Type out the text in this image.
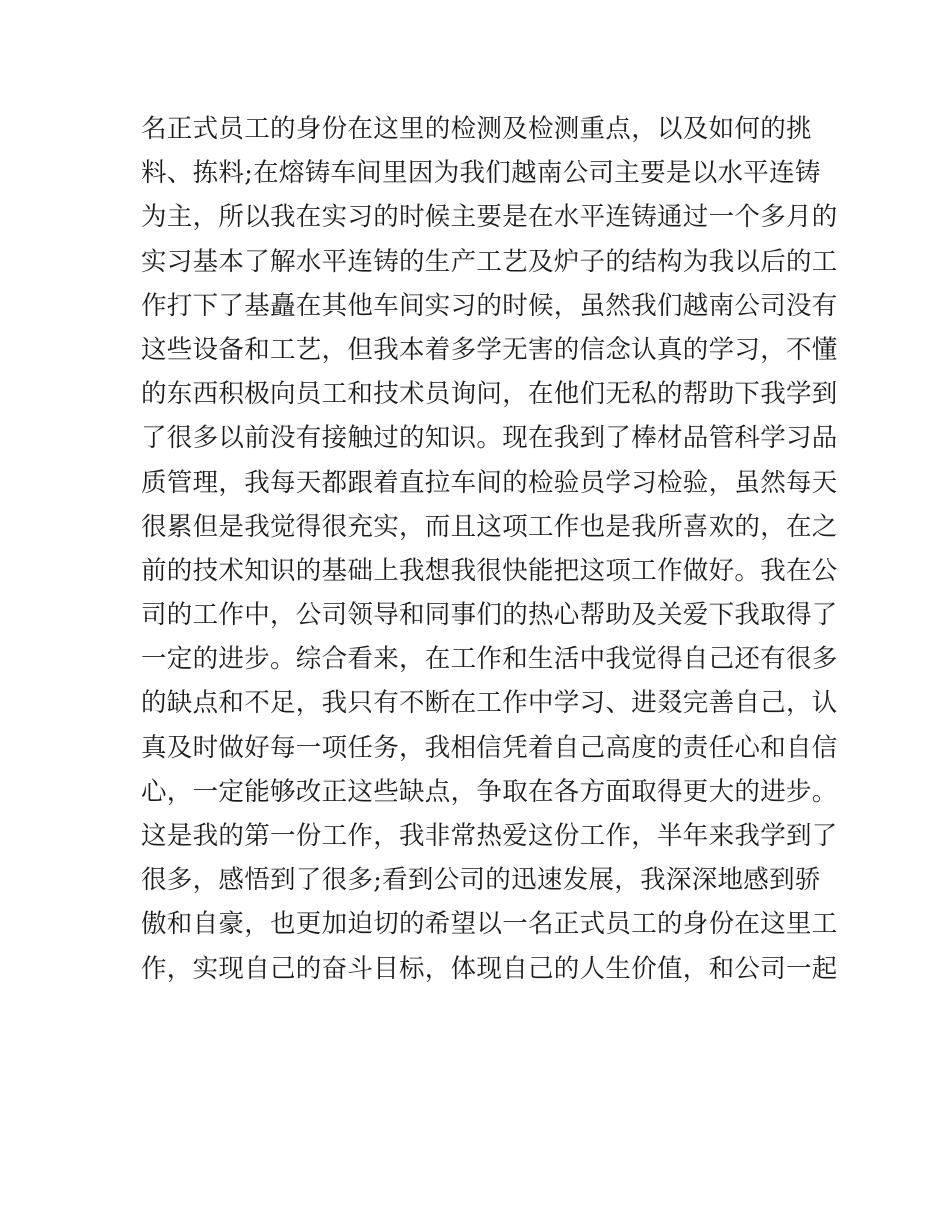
名正式员工的身份在这里的检测及检测重点，以及如何的挑
料、拣料;在熔铸车间里因为我们越南公司主要是以水平连铸
为主，所以我在实习的时候主要是在水平连铸通过一个多月的
实习基本了解水平连铸的生产工艺及炉子的结构为我以后的工
作打下了基矗在其他车间实习的时候，虽然我们越南公司没有
这些设备和工艺，但我本着多学无害的信念认真的学习，不懂
的东西积极向员工和技术员询问，在他们无私的帮助下我学到
了很多以前没有接触过的知识。现在我到了棒材品管科学习品
质管理，我每天都跟着直拉车间的检验员学习检验，虽然每天
很累但是我觉得很充实，而且这项工作也是我所喜欢的，在之
前的技术知识的基础上我想我很快能把这项工作做好。我在公
司的工作中，公司领导和同事们的热心帮助及关爱下我取得了
一定的进步。综合看来，在工作和生活中我觉得自己还有很多
的缺点和不足，我只有不断在工作中学习、进叕完善自己，认
真及时做好每一项任务，我相信凭着自己高度的责任心和自信
心，一定能够改正这些缺点，争取在各方面取得更大的进步。
这是我的第一份工作，我非常热爱这份工作，半年来我学到了
很多，感悟到了很多;看到公司的迅速发展，我深深地感到骄
傲和自豪，也更加迫切的希望以一名正式员工的身份在这里工
作，实现自己的奋斗目标，体现自己的人生价值，和公司一起
